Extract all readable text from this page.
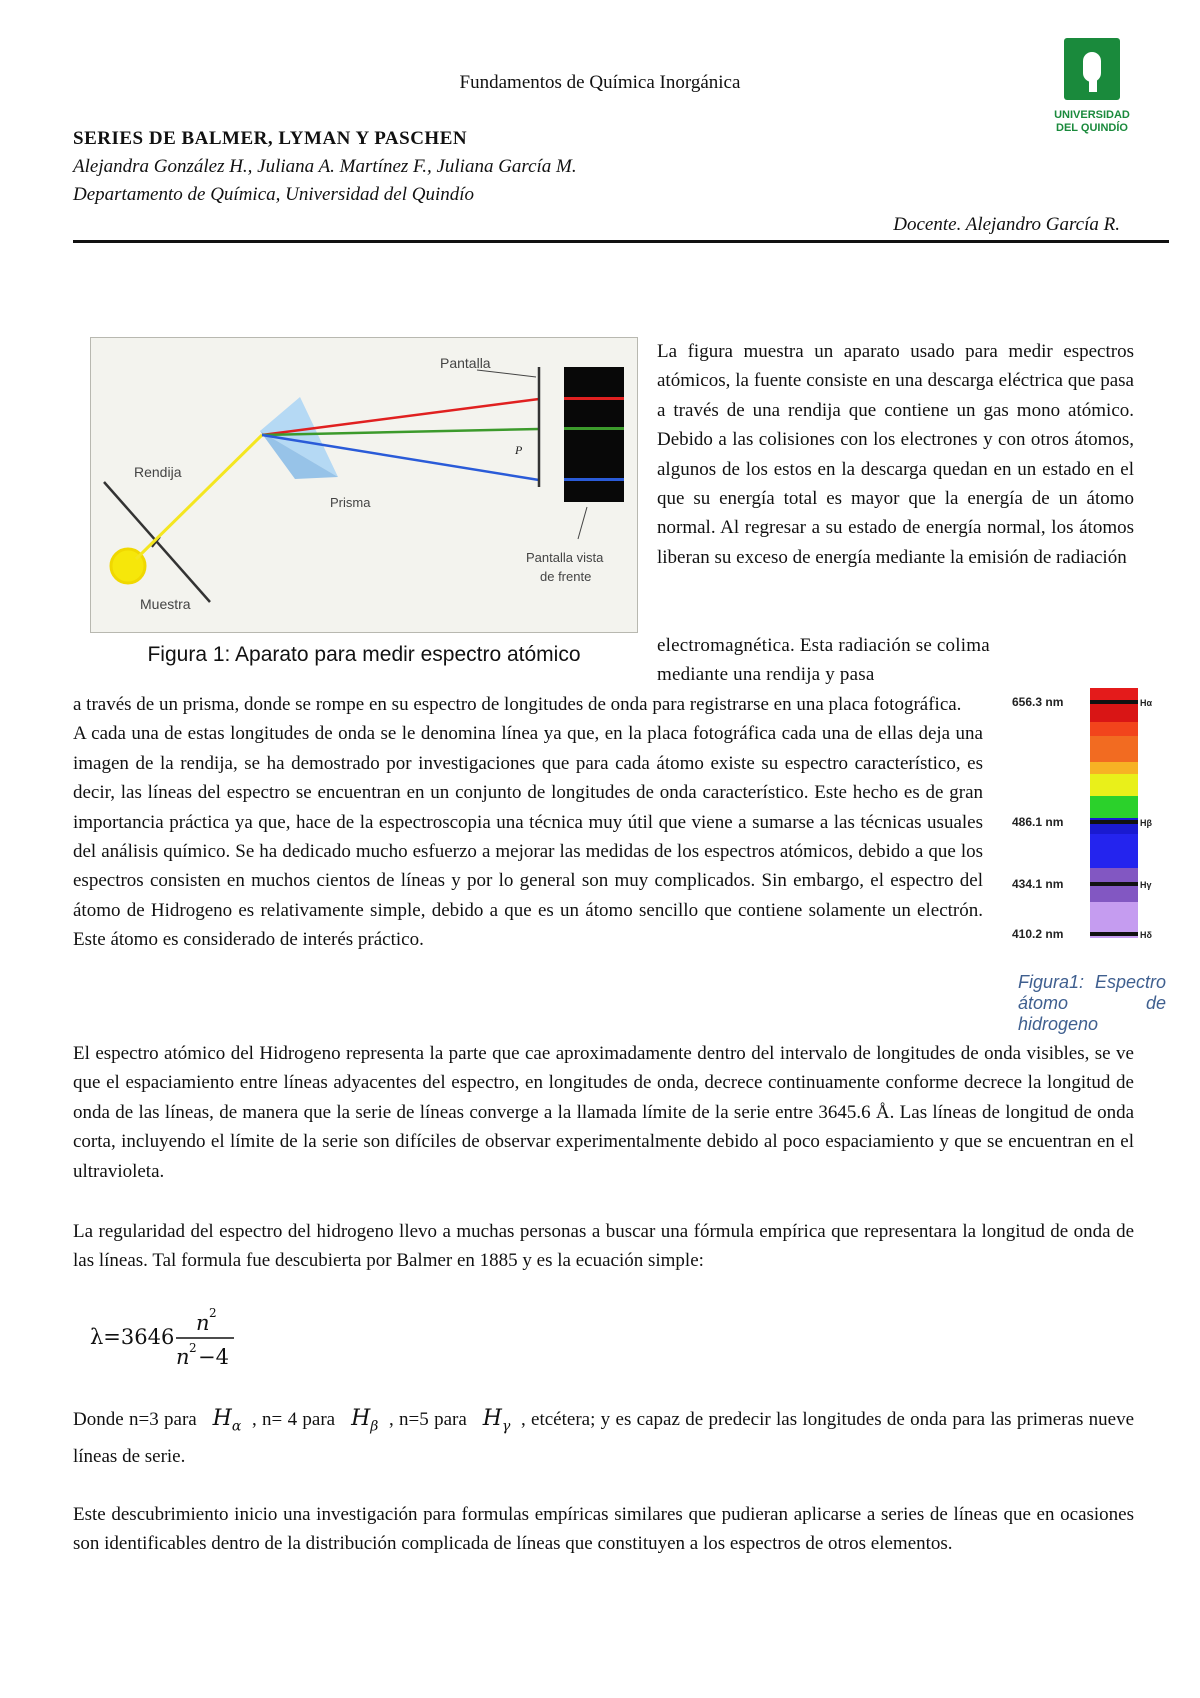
Fundamentos de Química Inorgánica
SERIES DE BALMER, LYMAN Y PASCHEN
Alejandra González H., Juliana A. Martínez F., Juliana García M.
Departamento de Química, Universidad del Quindío
Docente. Alejandro García R.
UNIVERSIDAD
DEL QUINDÍO
Pantalla
Rendija
Prisma
Muestra
P
Pantalla vista
de frente
Figura 1: Aparato para medir espectro atómico
La figura muestra un aparato usado para medir espectros atómicos, la fuente consiste en una descarga eléctrica que pasa a través de una rendija que contiene un gas mono atómico. Debido a las colisiones con los electrones y con otros átomos, algunos de los estos en la descarga quedan en un estado en el que su energía total es mayor que la energía de un átomo normal. Al regresar a su estado de energía normal, los átomos liberan su exceso de energía mediante la emisión de radiación
electromagnética. Esta radiación se colima mediante una rendija y pasa
a través de un prisma, donde se rompe en su espectro de longitudes de onda para registrarse en una placa fotográfica.
A cada una de estas longitudes de onda se le denomina línea ya que, en la placa fotográfica cada una de ellas deja una imagen de la rendija, se ha demostrado por investigaciones que para cada átomo existe su espectro característico, es decir, las líneas del espectro se encuentran en un conjunto de longitudes de onda característico. Este hecho es de gran importancia práctica ya que, hace de la espectroscopia una técnica muy útil que viene a sumarse a las técnicas usuales del análisis químico. Se ha dedicado mucho esfuerzo a mejorar las medidas de los espectros atómicos, debido a que los espectros consisten en muchos cientos de líneas y por lo general son muy complicados. Sin embargo, el espectro del átomo de Hidrogeno es relativamente simple, debido a que es un átomo sencillo que contiene solamente un electrón. Este átomo es considerado de interés práctico.
656.3 nm
486.1 nm
434.1 nm
410.2 nm
Hα
Hβ
Hγ
Hδ
Figura1: Espectro átomo de hidrogeno
El espectro atómico del Hidrogeno representa la parte que cae aproximadamente dentro del intervalo de longitudes de onda visibles, se ve que el espaciamiento entre líneas adyacentes del espectro, en longitudes de onda, decrece continuamente conforme decrece la longitud de onda de las líneas, de manera que la serie de líneas converge a la llamada límite de la serie entre 3645.6 Å. Las líneas de longitud de onda corta, incluyendo el límite de la serie son difíciles de observar experimentalmente debido al poco espaciamiento y que se encuentran en el ultravioleta.
La regularidad del espectro del hidrogeno llevo a muchas personas a buscar una fórmula empírica que representara la longitud de onda de las líneas. Tal formula fue descubierta por Balmer en 1885 y es la ecuación simple:
λ=3646
n 2
n 2 −4
Donde n=3 para $H_\alpha$ , n= 4 para $H_\beta$ , n=5 para $H_\gamma$ , etcétera; y es capaz de predecir las longitudes de onda para las primeras nueve líneas de serie.
Este descubrimiento inicio una investigación para formulas empíricas similares que pudieran aplicarse a series de líneas que en ocasiones son identificables dentro de la distribución complicada de líneas que constituyen a los espectros de otros elementos.
